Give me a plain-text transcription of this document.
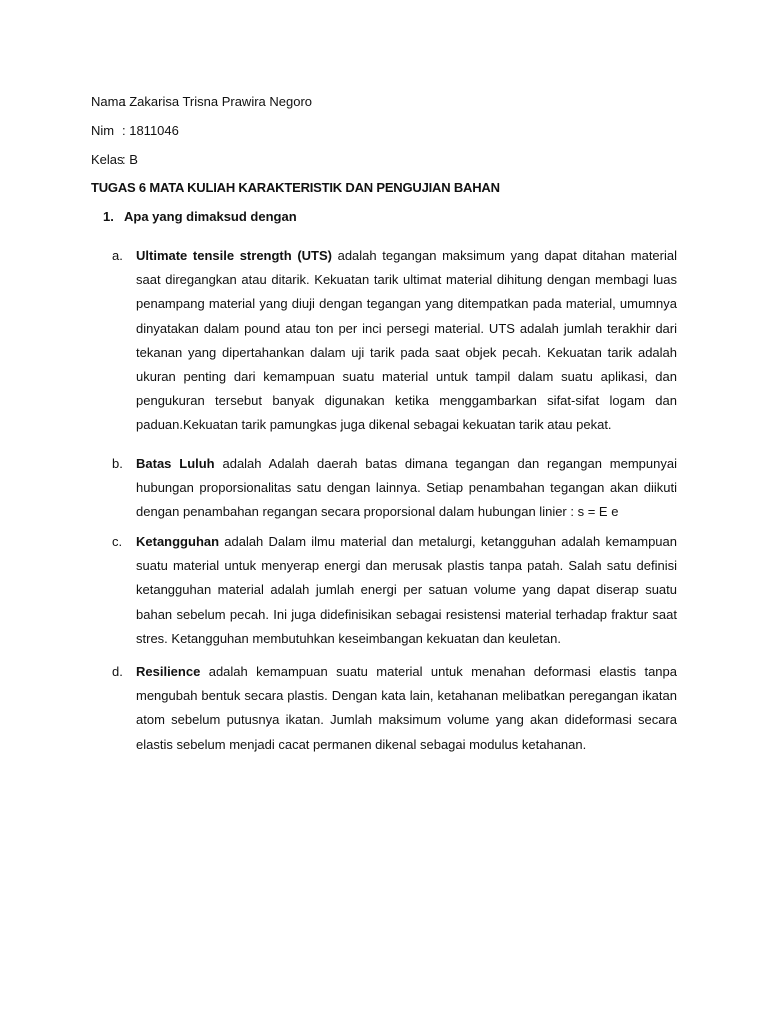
Nama: Zakarisa Trisna Prawira Negoro
Nim : 1811046
Kelas: B
TUGAS 6 MATA KULIAH KARAKTERISTIK DAN PENGUJIAN BAHAN
1. Apa yang dimaksud dengan
a.	Ultimate tensile strength (UTS) adalah tegangan maksimum yang dapat ditahan material saat diregangkan atau ditarik. Kekuatan tarik ultimat material dihitung dengan membagi luas penampang material yang diuji dengan tegangan yang ditempatkan pada material, umumnya dinyatakan dalam pound atau ton per inci persegi material. UTS adalah jumlah terakhir dari tekanan yang dipertahankan dalam uji tarik pada saat objek pecah. Kekuatan tarik adalah ukuran penting dari kemampuan suatu material untuk tampil dalam suatu aplikasi, dan pengukuran tersebut banyak digunakan ketika menggambarkan sifat-sifat logam dan paduan.Kekuatan tarik pamungkas juga dikenal sebagai kekuatan tarik atau pekat.
b.	Batas Luluh adalah Adalah daerah batas dimana tegangan dan regangan mempunyai hubungan proporsionalitas satu dengan lainnya. Setiap penambahan tegangan akan diikuti dengan penambahan regangan secara proporsional dalam hubungan linier : s = E e
c.	Ketangguhan adalah Dalam ilmu material dan metalurgi, ketangguhan adalah kemampuan suatu material untuk menyerap energi dan merusak plastis tanpa patah. Salah satu definisi ketangguhan material adalah jumlah energi per satuan volume yang dapat diserap suatu bahan sebelum pecah. Ini juga didefinisikan sebagai resistensi material terhadap fraktur saat stres. Ketangguhan membutuhkan keseimbangan kekuatan dan keuletan.
d.	Resilience adalah kemampuan suatu material untuk menahan deformasi elastis tanpa mengubah bentuk secara plastis. Dengan kata lain, ketahanan melibatkan peregangan ikatan atom sebelum putusnya ikatan. Jumlah maksimum volume yang akan dideformasi secara elastis sebelum menjadi cacat permanen dikenal sebagai modulus ketahanan.
